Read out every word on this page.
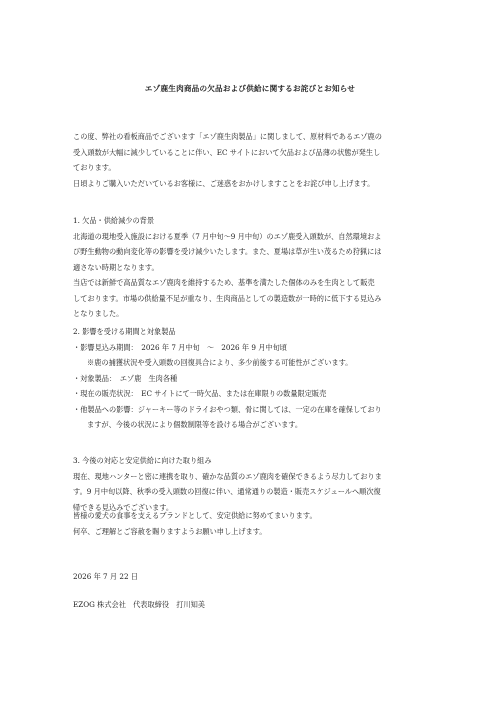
エゾ鹿生肉商品の欠品および供給に関するお詫びとお知らせ

この度、弊社の看板商品でございます「エゾ鹿生肉製品」に関しまして、原材料であるエゾ鹿の

受入頭数が大幅に減少していることに伴い、EC サイトにおいて欠品および品薄の状態が発生し

ております。

日頃よりご購入いただいているお客様に、ご迷惑をおかけしますことをお詫び申し上げます。

1. 欠品・供給減少の背景

北海道の現地受入施設における夏季（7 月中旬〜9 月中旬）のエゾ鹿受入頭数が、自然環境およ

び野生動物の動向変化等の影響を受け減少いたします。また、夏場は草が生い茂るため狩猟には

適さない時期となります。

当店では新鮮で高品質なエゾ鹿肉を維持するため、基準を満たした個体のみを生肉として販売

しております。市場の供給量不足が重なり、生肉商品としての製造数が一時的に低下する見込み

となりました。

2. 影響を受ける期間と対象製品

・影響見込み期間：　2026 年 7 月中旬　〜　2026 年 9 月中旬頃

※鹿の捕獲状況や受入頭数の回復具合により、多少前後する可能性がございます。

・対象製品：　エゾ鹿　生肉各種

・現在の販売状況：　EC サイトにて一時欠品、または在庫限りの数量限定販売

・他製品への影響：ジャーキー等のドライおやつ類、骨に関しては、一定の在庫を確保しており

ますが、今後の状況により個数制限等を設ける場合がございます。

3. 今後の対応と安定供給に向けた取り組み

現在、現地ハンターと密に連携を取り、確かな品質のエゾ鹿肉を確保できるよう尽力しておりま

す。9 月中旬以降、秋季の受入頭数の回復に伴い、通常通りの製造・販売スケジュールへ順次復

帰できる見込みでございます。

皆様の愛犬の食事を支えるブランドとして、安定供給に努めてまいります。

何卒、ご理解とご容赦を賜りますようお願い申し上げます。

2026 年 7 月 22 日
EZOG 株式会社　代表取締役　打川知美
